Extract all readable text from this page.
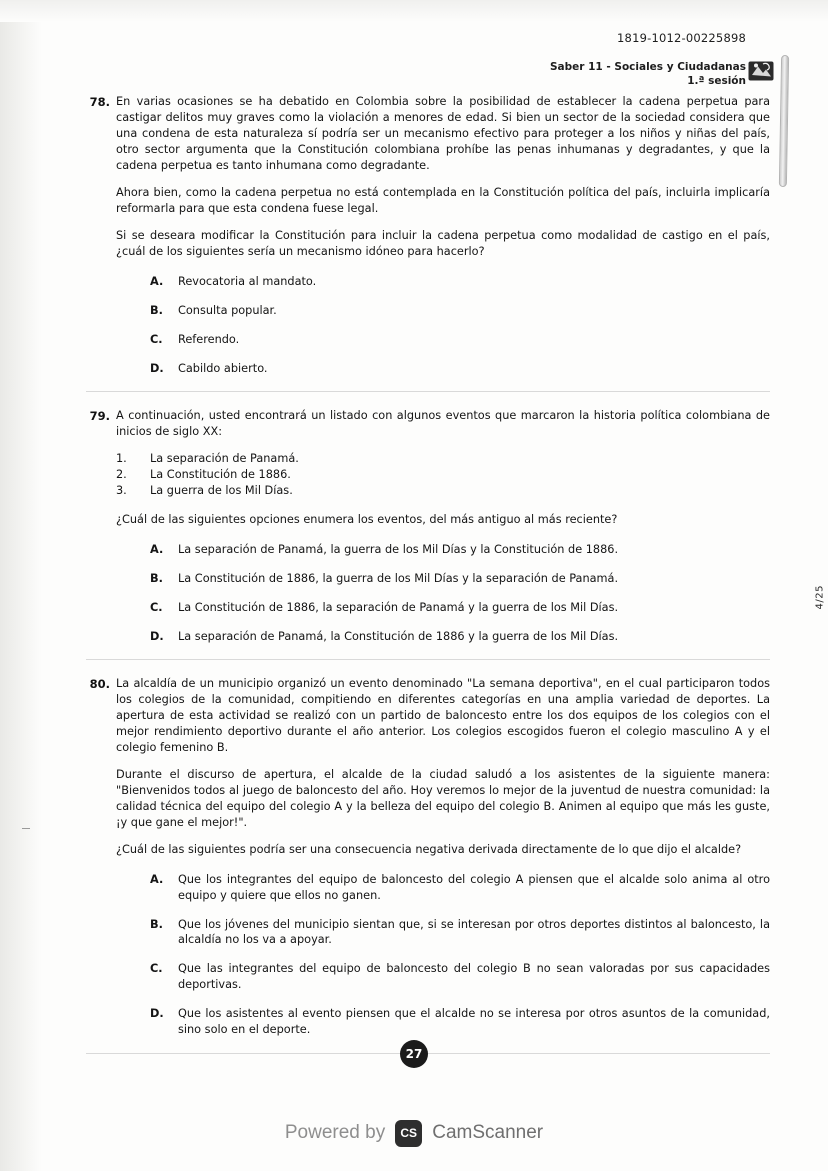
1819-1012-00225898
Saber 11 - Sociales y Ciudadanas
1.ª sesión
4/25
78. En varias ocasiones se ha debatido en Colombia sobre la posibilidad de establecer la cadena perpetua para castigar delitos muy graves como la violación a menores de edad. Si bien un sector de la sociedad considera que una condena de esta naturaleza sí podría ser un mecanismo efectivo para proteger a los niños y niñas del país, otro sector argumenta que la Constitución colombiana prohíbe las penas inhumanas y degradantes, y que la cadena perpetua es tanto inhumana como degradante.

Ahora bien, como la cadena perpetua no está contemplada en la Constitución política del país, incluirla implicaría reformarla para que esta condena fuese legal.

Si se deseara modificar la Constitución para incluir la cadena perpetua como modalidad de castigo en el país, ¿cuál de los siguientes sería un mecanismo idóneo para hacerlo?

A. Revocatoria al mandato.
B. Consulta popular.
C. Referendo.
D. Cabildo abierto.
79. A continuación, usted encontrará un listado con algunos eventos que marcaron la historia política colombiana de inicios de siglo XX:

1.	La separación de Panamá.
2.	La Constitución de 1886.
3.	La guerra de los Mil Días.

¿Cuál de las siguientes opciones enumera los eventos, del más antiguo al más reciente?

A. La separación de Panamá, la guerra de los Mil Días y la Constitución de 1886.
B. La Constitución de 1886, la guerra de los Mil Días y la separación de Panamá.
C. La Constitución de 1886, la separación de Panamá y la guerra de los Mil Días.
D. La separación de Panamá, la Constitución de 1886 y la guerra de los Mil Días.
80. La alcaldía de un municipio organizó un evento denominado "La semana deportiva", en el cual participaron todos los colegios de la comunidad, compitiendo en diferentes categorías en una amplia variedad de deportes. La apertura de esta actividad se realizó con un partido de baloncesto entre los dos equipos de los colegios con el mejor rendimiento deportivo durante el año anterior. Los colegios escogidos fueron el colegio masculino A y el colegio femenino B.

Durante el discurso de apertura, el alcalde de la ciudad saludó a los asistentes de la siguiente manera: "Bienvenidos todos al juego de baloncesto del año. Hoy veremos lo mejor de la juventud de nuestra comunidad: la calidad técnica del equipo del colegio A y la belleza del equipo del colegio B. Animen al equipo que más les guste, ¡y que gane el mejor!".

¿Cuál de las siguientes podría ser una consecuencia negativa derivada directamente de lo que dijo el alcalde?

A. Que los integrantes del equipo de baloncesto del colegio A piensen que el alcalde solo anima al otro equipo y quiere que ellos no ganen.
B. Que los jóvenes del municipio sientan que, si se interesan por otros deportes distintos al baloncesto, la alcaldía no los va a apoyar.
C. Que las integrantes del equipo de baloncesto del colegio B no sean valoradas por sus capacidades deportivas.
D. Que los asistentes al evento piensen que el alcalde no se interesa por otros asuntos de la comunidad, sino solo en el deporte.
27
Powered by	CS CamScanner
